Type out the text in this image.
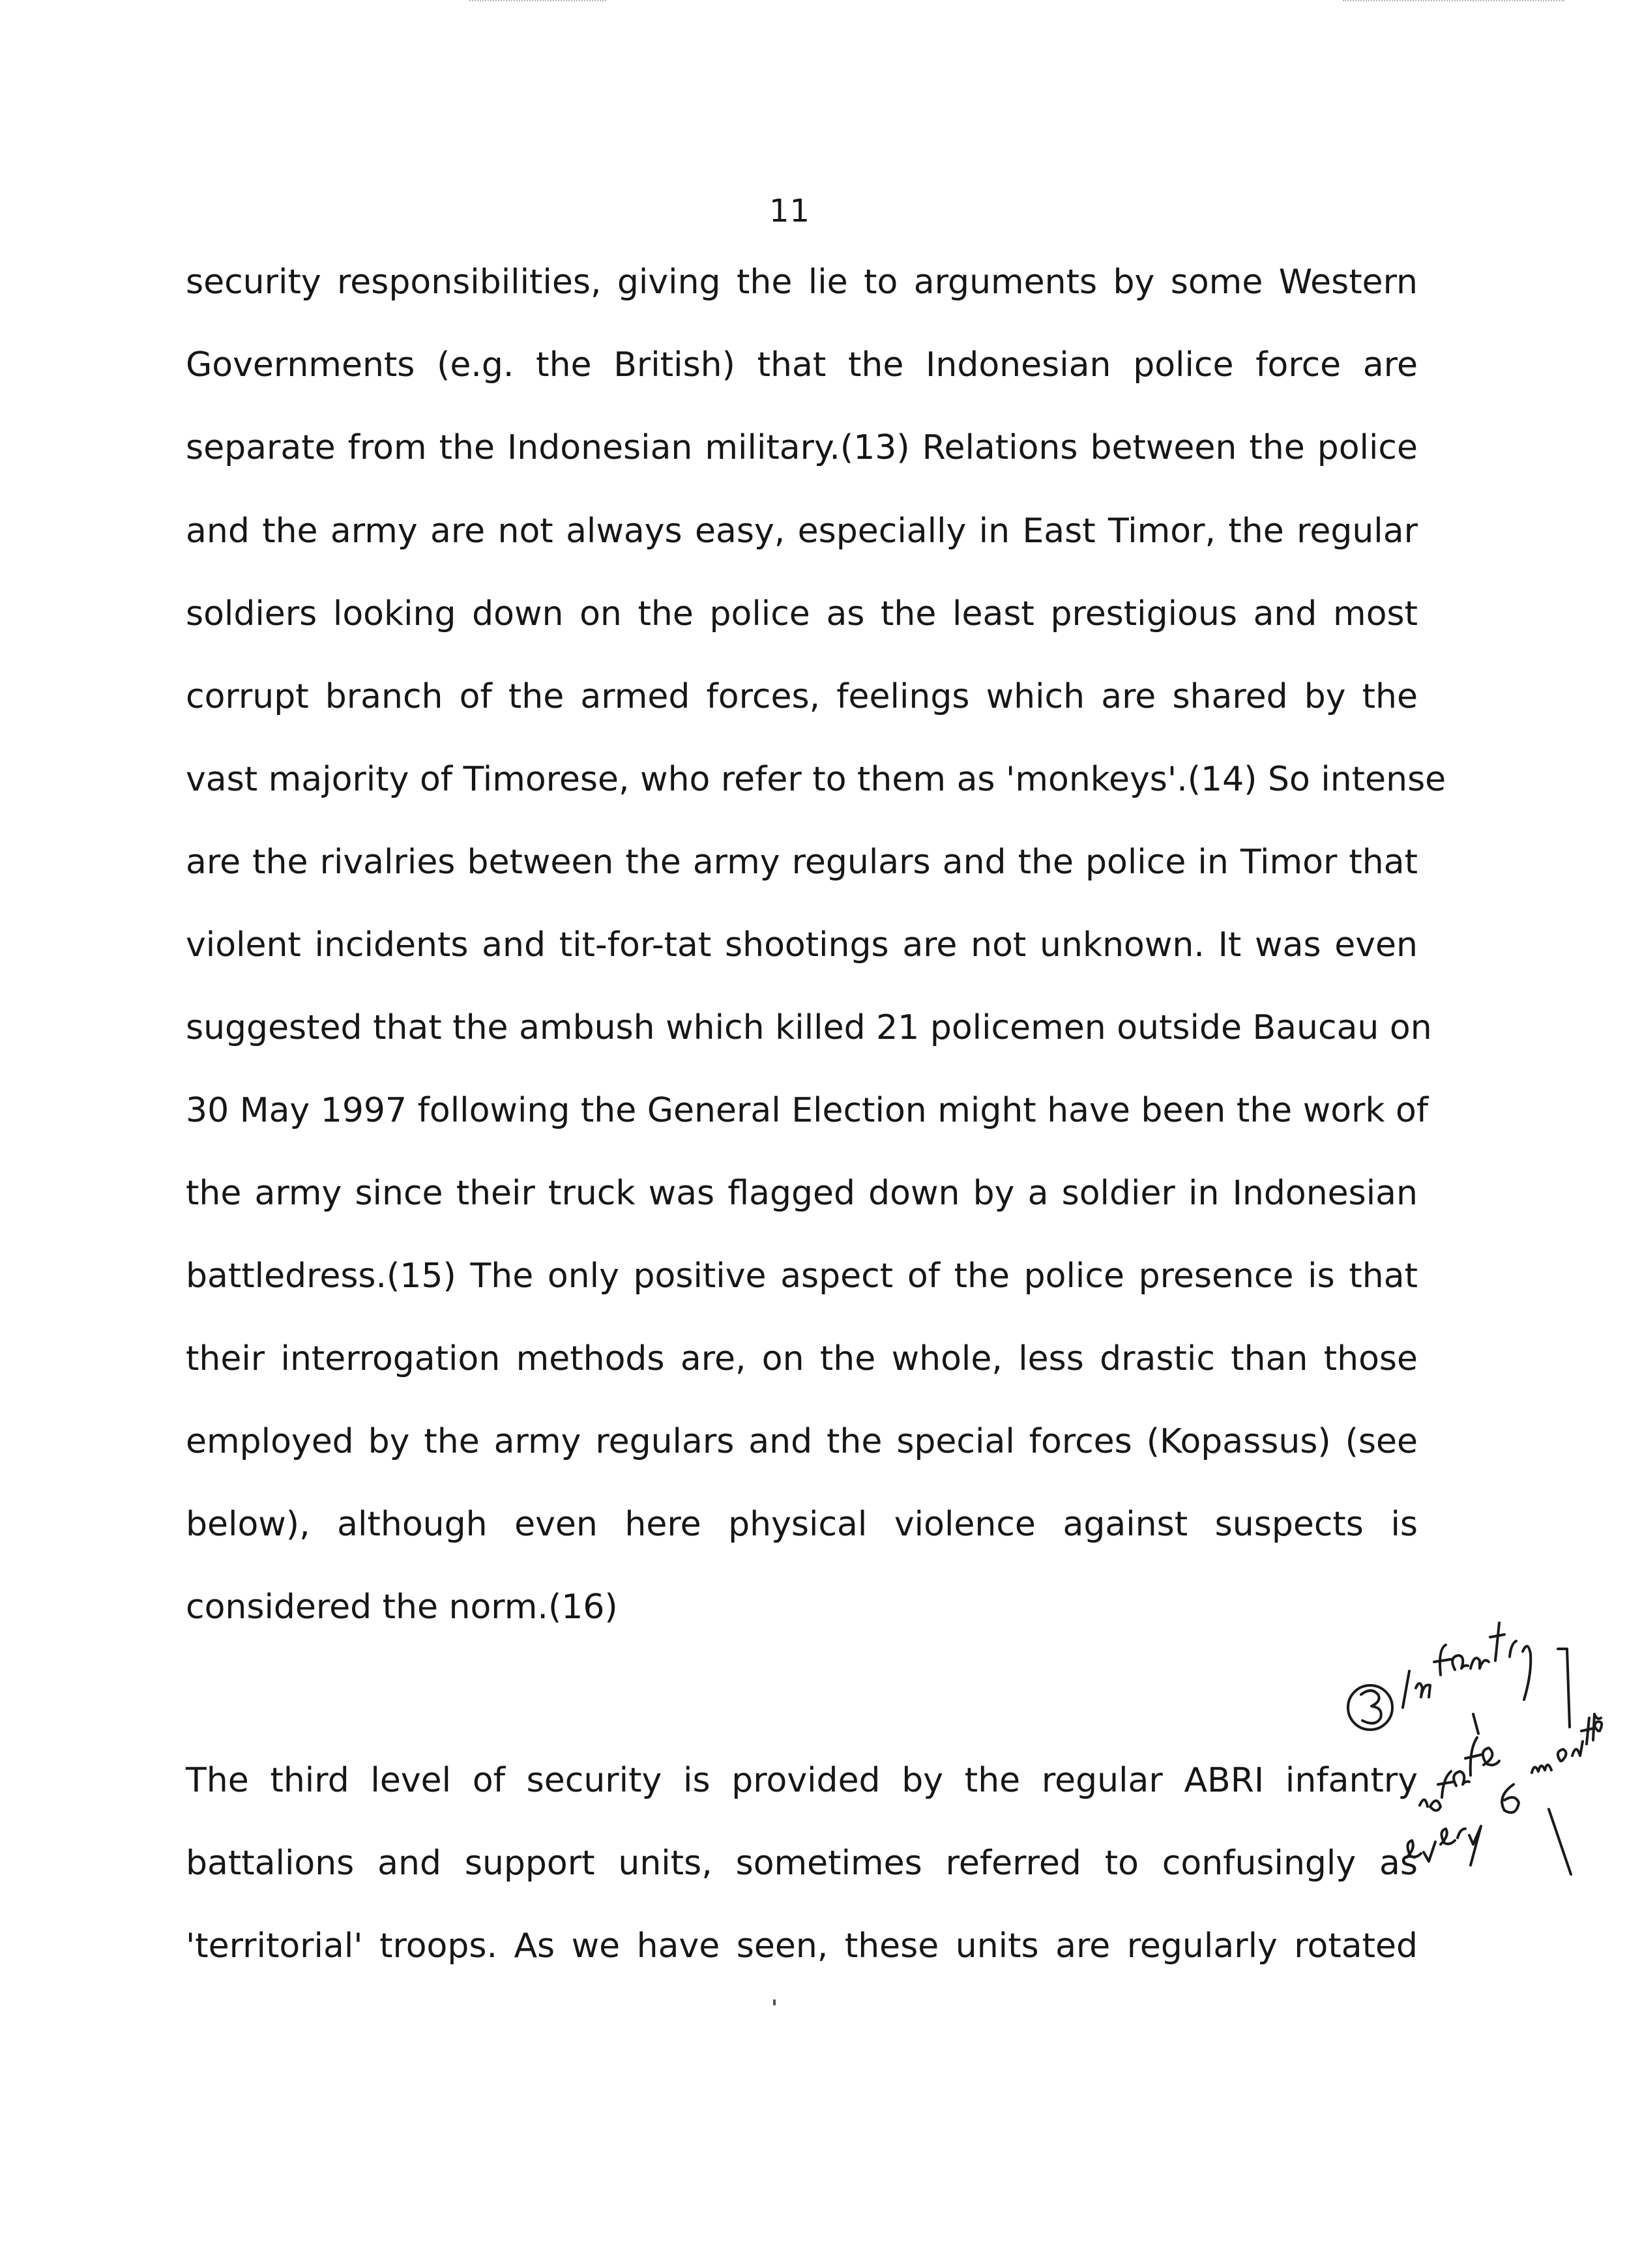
11
security responsibilities, giving the lie to arguments by some Western
Governments (e.g. the British) that the Indonesian police force are
separate from the Indonesian military.(13) Relations between the police
and the army are not always easy, especially in East Timor, the regular
soldiers looking down on the police as the least prestigious and most
corrupt branch of the armed forces, feelings which are shared by the
vast majority of Timorese, who refer to them as 'monkeys'.(14) So intense
are the rivalries between the army regulars and the police in Timor that
violent incidents and tit-for-tat shootings are not unknown. It was even
suggested that the ambush which killed 21 policemen outside Baucau on
30 May 1997 following the General Election might have been the work of
the army since their truck was flagged down by a soldier in Indonesian
battledress.(15) The only positive aspect of the police presence is that
their interrogation methods are, on the whole, less drastic than those
employed by the army regulars and the special forces (Kopassus) (see
below), although even here physical violence against suspects is
considered the norm.(16)
The third level of security is provided by the regular ABRI infantry
battalions and support units, sometimes referred to confusingly as
'territorial' troops. As we have seen, these units are regularly rotated
